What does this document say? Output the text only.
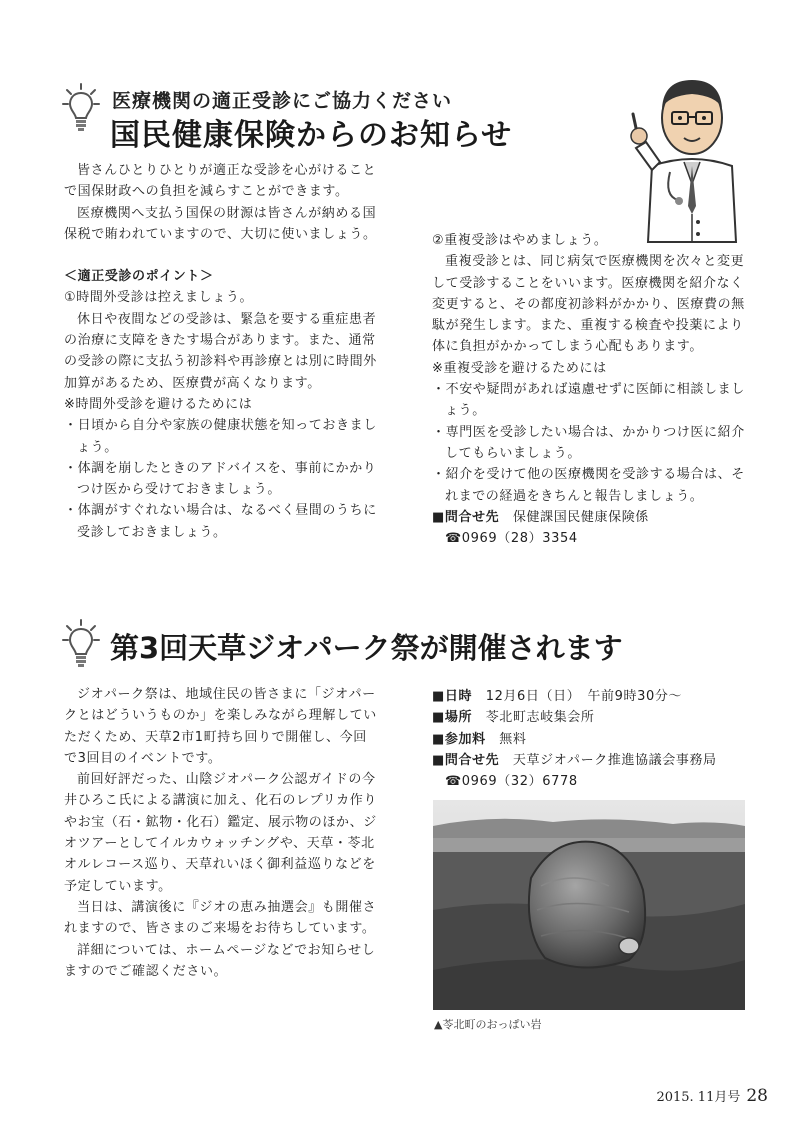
医療機関の適正受診にご協力ください
国民健康保険からのお知らせ

皆さんひとりひとりが適正な受診を心がけることで国保財政への負担を減らすことができます。

医療機関へ支払う国保の財源は皆さんが納める国保税で賄われていますので、大切に使いましょう。

＜適正受診のポイント＞

①時間外受診は控えましょう。

休日や夜間などの受診は、緊急を要する重症患者の治療に支障をきたす場合があります。また、通常の受診の際に支払う初診料や再診療とは別に時間外加算があるため、医療費が高くなります。

※時間外受診を避けるためには

・日頃から自分や家族の健康状態を知っておきましょう。

・体調を崩したときのアドバイスを、事前にかかりつけ医から受けておきましょう。

・体調がすぐれない場合は、なるべく昼間のうちに受診しておきましょう。

②重複受診はやめましょう。

重複受診とは、同じ病気で医療機関を次々と変更して受診することをいいます。医療機関を紹介なく変更すると、その都度初診料がかかり、医療費の無駄が発生します。また、重複する検査や投薬により体に負担がかかってしまう心配もあります。

※重複受診を避けるためには

・不安や疑問があれば遠慮せずに医師に相談しましょう。

・専門医を受診したい場合は、かかりつけ医に紹介してもらいましょう。

・紹介を受けて他の医療機関を受診する場合は、それまでの経過をきちんと報告しましょう。

■問合せ先　 保健課国民健康保険係

☎0969（28）3354

第3回天草ジオパーク祭が開催されます

ジオパーク祭は、地域住民の皆さまに「ジオパークとはどういうものか」を楽しみながら理解していただくため、天草2市1町持ち回りで開催し、今回で3回目のイベントです。

前回好評だった、山陰ジオパーク公認ガイドの今井ひろこ氏による講演に加え、化石のレプリカ作りやお宝（石・鉱物・化石）鑑定、展示物のほか、ジオツアーとしてイルカウォッチングや、天草・苓北オルレコース巡り、天草れいほく御利益巡りなどを予定しています。

当日は、講演後に『ジオの恵み抽選会』も開催されますので、皆さまのご来場をお待ちしています。

詳細については、ホームページなどでお知らせしますのでご確認ください。

■日時　 12月6日（日）　午前9時30分～

■場所　 苓北町志岐集会所

■参加料　 無料

■問合せ先　 天草ジオパーク推進協議会事務局

☎0969（32）6778

▲苓北町のおっぱい岩
2015. 11月号 28
